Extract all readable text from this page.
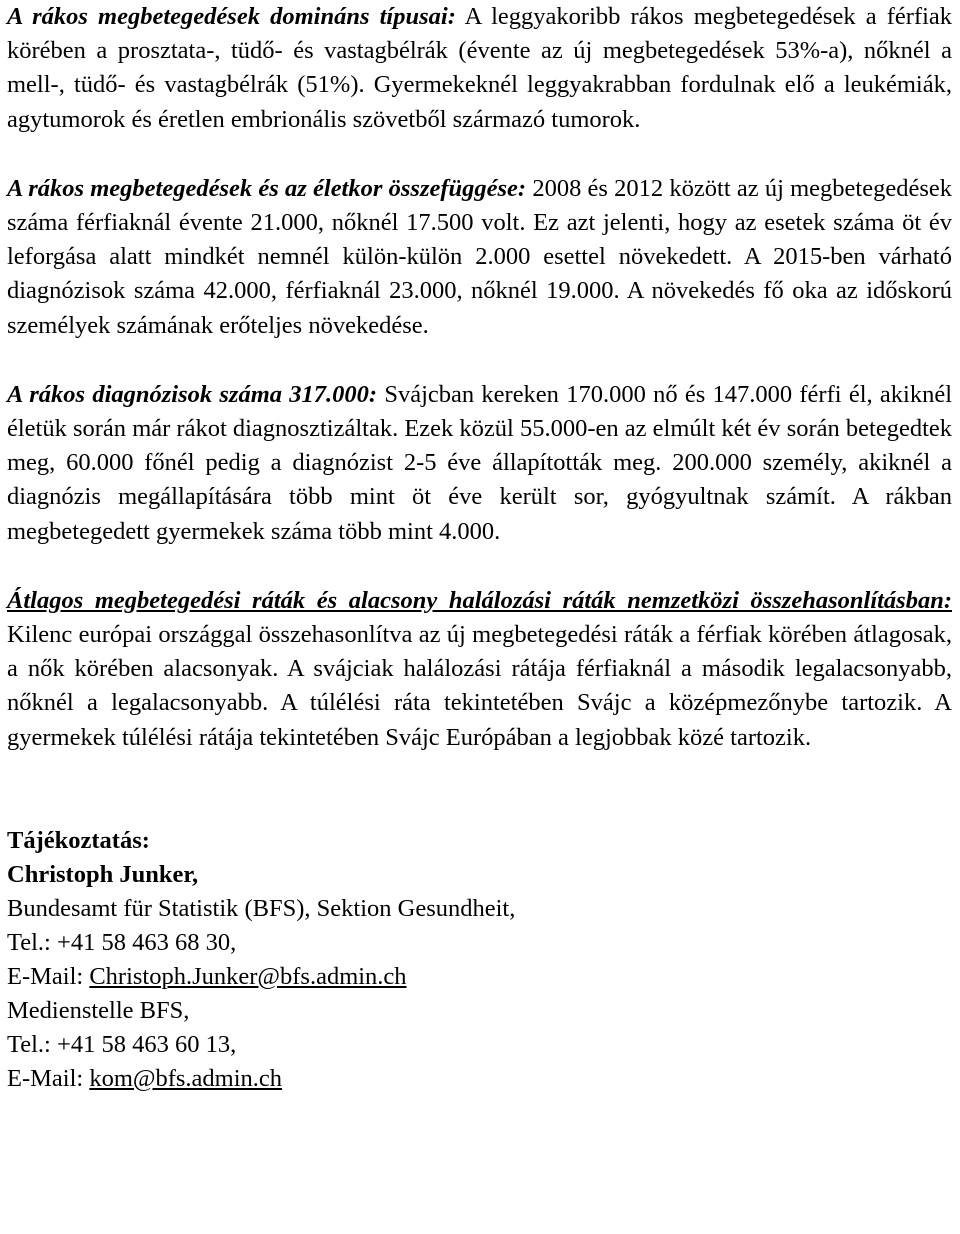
A rákos megbetegedések domináns típusai: A leggyakoribb rákos megbetegedések a férfiak körében a prosztata-, tüdő- és vastagbélrák (évente az új megbetegedések 53%-a), nőknél a mell-, tüdő- és vastagbélrák (51%). Gyermekeknél leggyakrabban fordulnak elő a leukémiák, agytumorok és éretlen embrionális szövetből származó tumorok.

A rákos megbetegedések és az életkor összefüggése: 2008 és 2012 között az új megbetegedések száma férfiaknál évente 21.000, nőknél 17.500 volt. Ez azt jelenti, hogy az esetek száma öt év leforgása alatt mindkét nemnél külön-külön 2.000 esettel növekedett. A 2015-ben várható diagnózisok száma 42.000, férfiaknál 23.000, nőknél 19.000. A növekedés fő oka az időskorú személyek számának erőteljes növekedése.

A rákos diagnózisok száma 317.000: Svájcban kereken 170.000 nő és 147.000 férfi él, akiknél életük során már rákot diagnosztizáltak. Ezek közül 55.000-en az elmúlt két év során betegedtek meg, 60.000 főnél pedig a diagnózist 2-5 éve állapították meg. 200.000 személy, akiknél a diagnózis megállapítására több mint öt éve került sor, gyógyultnak számít. A rákban megbetegedett gyermekek száma több mint 4.000.

Átlagos megbetegedési ráták és alacsony halálozási ráták nemzetközi összehasonlításban: Kilenc európai országgal összehasonlítva az új megbetegedési ráták a férfiak körében átlagosak, a nők körében alacsonyak. A svájciak halálozási rátája férfiaknál a második legalacsonyabb, nőknél a legalacsonyabb. A túlélési ráta tekintetében Svájc a középmezőnybe tartozik. A gyermekek túlélési rátája tekintetében Svájc Európában a legjobbak közé tartozik.

Tájékoztatás:
Christoph Junker,
Bundesamt für Statistik (BFS), Sektion Gesundheit,
Tel.: +41 58 463 68 30,
E-Mail: Christoph.Junker@bfs.admin.ch
Medienstelle BFS,
Tel.: +41 58 463 60 13,
E-Mail: kom@bfs.admin.ch
